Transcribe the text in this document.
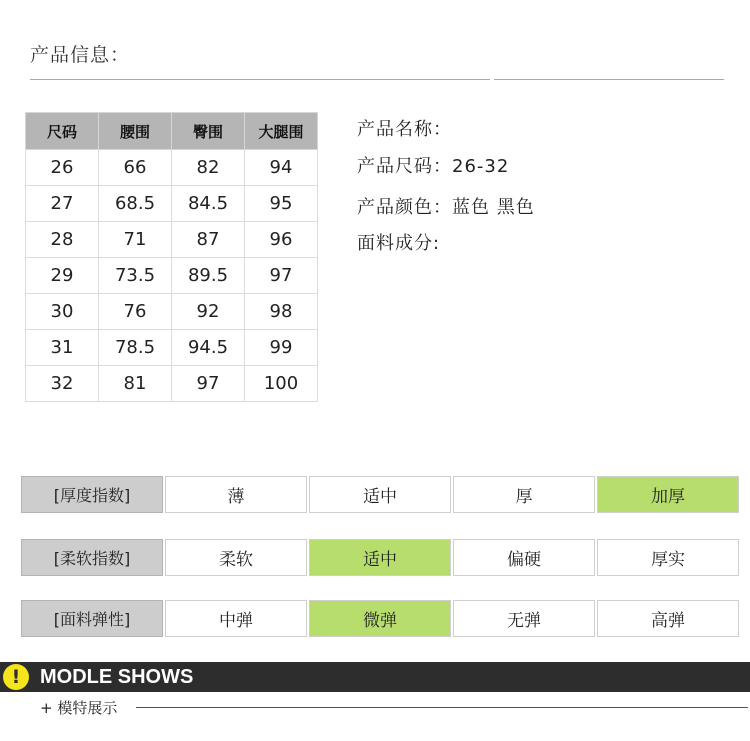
产品信息：
尺码	腰围	臀围	大腿围
26	66	82	94
27	68.5	84.5	95
28	71	87	96
29	73.5	89.5	97
30	76	92	98
31	78.5	94.5	99
32	81	97	100
产品名称：
产品尺码：26-32
产品颜色：蓝色 黑色
面料成分:
[厚度指数]	薄	适中	厚	加厚
[柔软指数]	柔软	适中	偏硬	厚实
[面料弹性]	中弹	微弹	无弹	高弹
! MODLE SHOWS
+ 模特展示
